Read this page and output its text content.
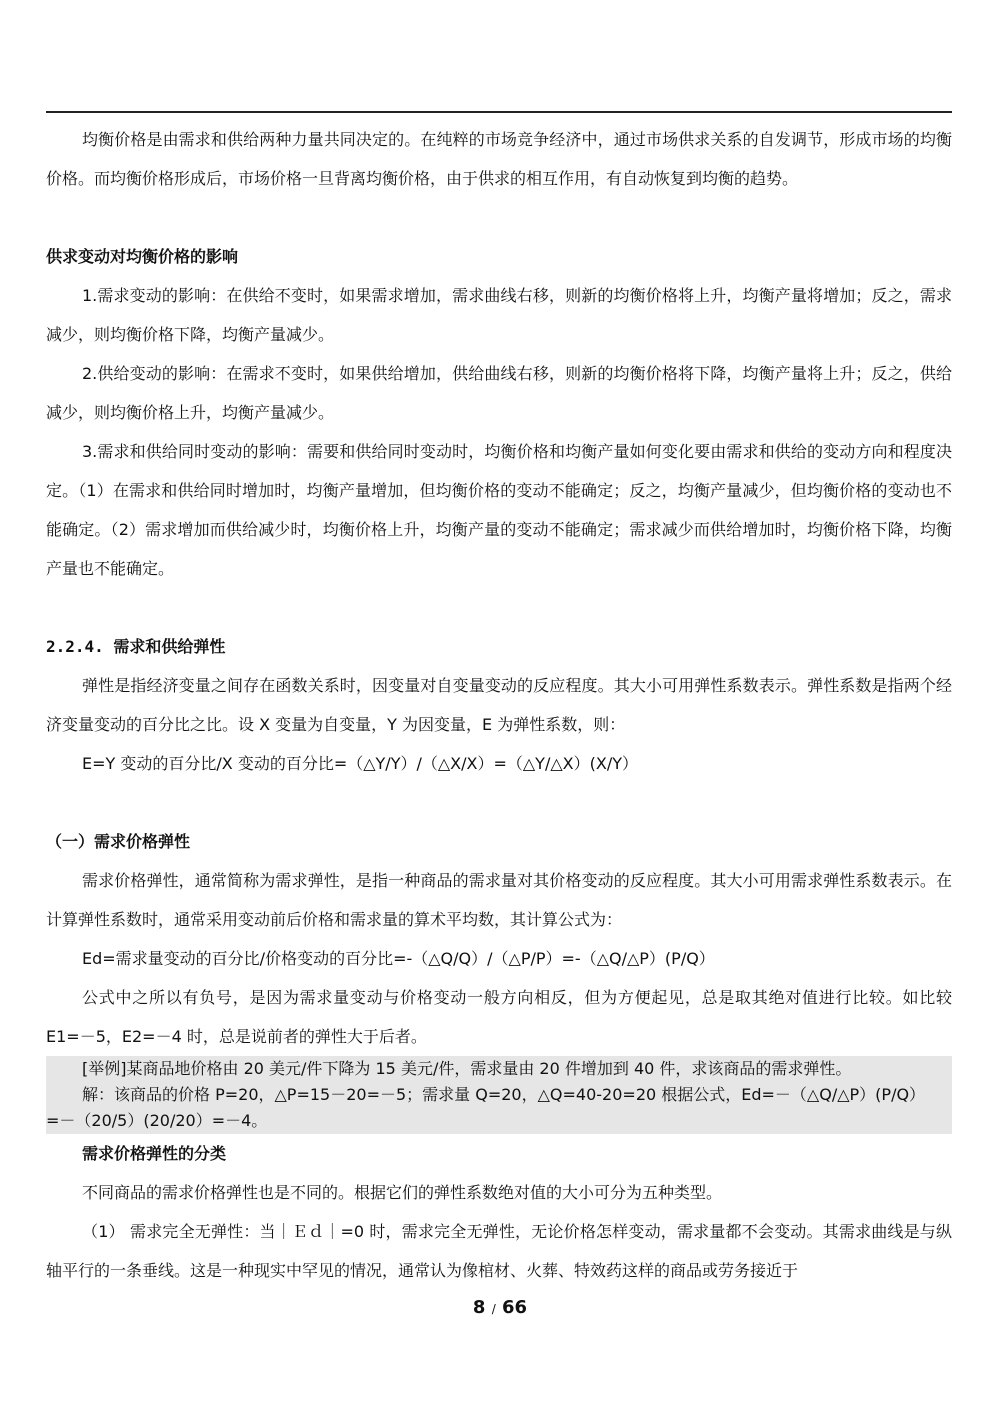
均衡价格是由需求和供给两种力量共同决定的。在纯粹的市场竞争经济中，通过市场供求关系的自发调节，形成市场的均衡价格。而均衡价格形成后，市场价格一旦背离均衡价格，由于供求的相互作用，有自动恢复到均衡的趋势。

供求变动对均衡价格的影响

1.需求变动的影响：在供给不变时，如果需求增加，需求曲线右移，则新的均衡价格将上升，均衡产量将增加；反之，需求减少，则均衡价格下降，均衡产量减少。

2.供给变动的影响：在需求不变时，如果供给增加，供给曲线右移，则新的均衡价格将下降，均衡产量将上升；反之，供给减少，则均衡价格上升，均衡产量减少。

3.需求和供给同时变动的影响：需要和供给同时变动时，均衡价格和均衡产量如何变化要由需求和供给的变动方向和程度决定。（1）在需求和供给同时增加时，均衡产量增加，但均衡价格的变动不能确定；反之，均衡产量减少，但均衡价格的变动也不能确定。（2）需求增加而供给减少时，均衡价格上升，均衡产量的变动不能确定；需求减少而供给增加时，均衡价格下降，均衡产量也不能确定。

2.2.4. 需求和供给弹性

弹性是指经济变量之间存在函数关系时，因变量对自变量变动的反应程度。其大小可用弹性系数表示。弹性系数是指两个经济变量变动的百分比之比。设 X 变量为自变量，Y 为因变量，E 为弹性系数，则：

E=Y 变动的百分比/X 变动的百分比=（△Y/Y）/（△X/X）=（△Y/△X）(X/Y）

（一）需求价格弹性

需求价格弹性，通常简称为需求弹性，是指一种商品的需求量对其价格变动的反应程度。其大小可用需求弹性系数表示。在计算弹性系数时，通常采用变动前后价格和需求量的算术平均数，其计算公式为：

Ed=需求量变动的百分比/价格变动的百分比=-（△Q/Q）/（△P/P）=-（△Q/△P）(P/Q）

公式中之所以有负号，是因为需求量变动与价格变动一般方向相反，但为方便起见，总是取其绝对值进行比较。如比较 E1=－5，E2=－4 时，总是说前者的弹性大于后者。

[举例]某商品地价格由 20 美元/件下降为 15 美元/件，需求量由 20 件增加到 40 件，求该商品的需求弹性。

解：该商品的价格 P=20，△P=15－20=－5；需求量 Q=20，△Q=40-20=20 根据公式，Ed=－（△Q/△P）(P/Q）

=－（20/5）(20/20）=－4。

需求价格弹性的分类

不同商品的需求价格弹性也是不同的。根据它们的弹性系数绝对值的大小可分为五种类型。

（1） 需求完全无弹性：当｜Ｅｄ｜=0 时，需求完全无弹性，无论价格怎样变动，需求量都不会变动。其需求曲线是与纵轴平行的一条垂线。这是一种现实中罕见的情况，通常认为像棺材、火葬、特效药这样的商品或劳务接近于

8 / 66
